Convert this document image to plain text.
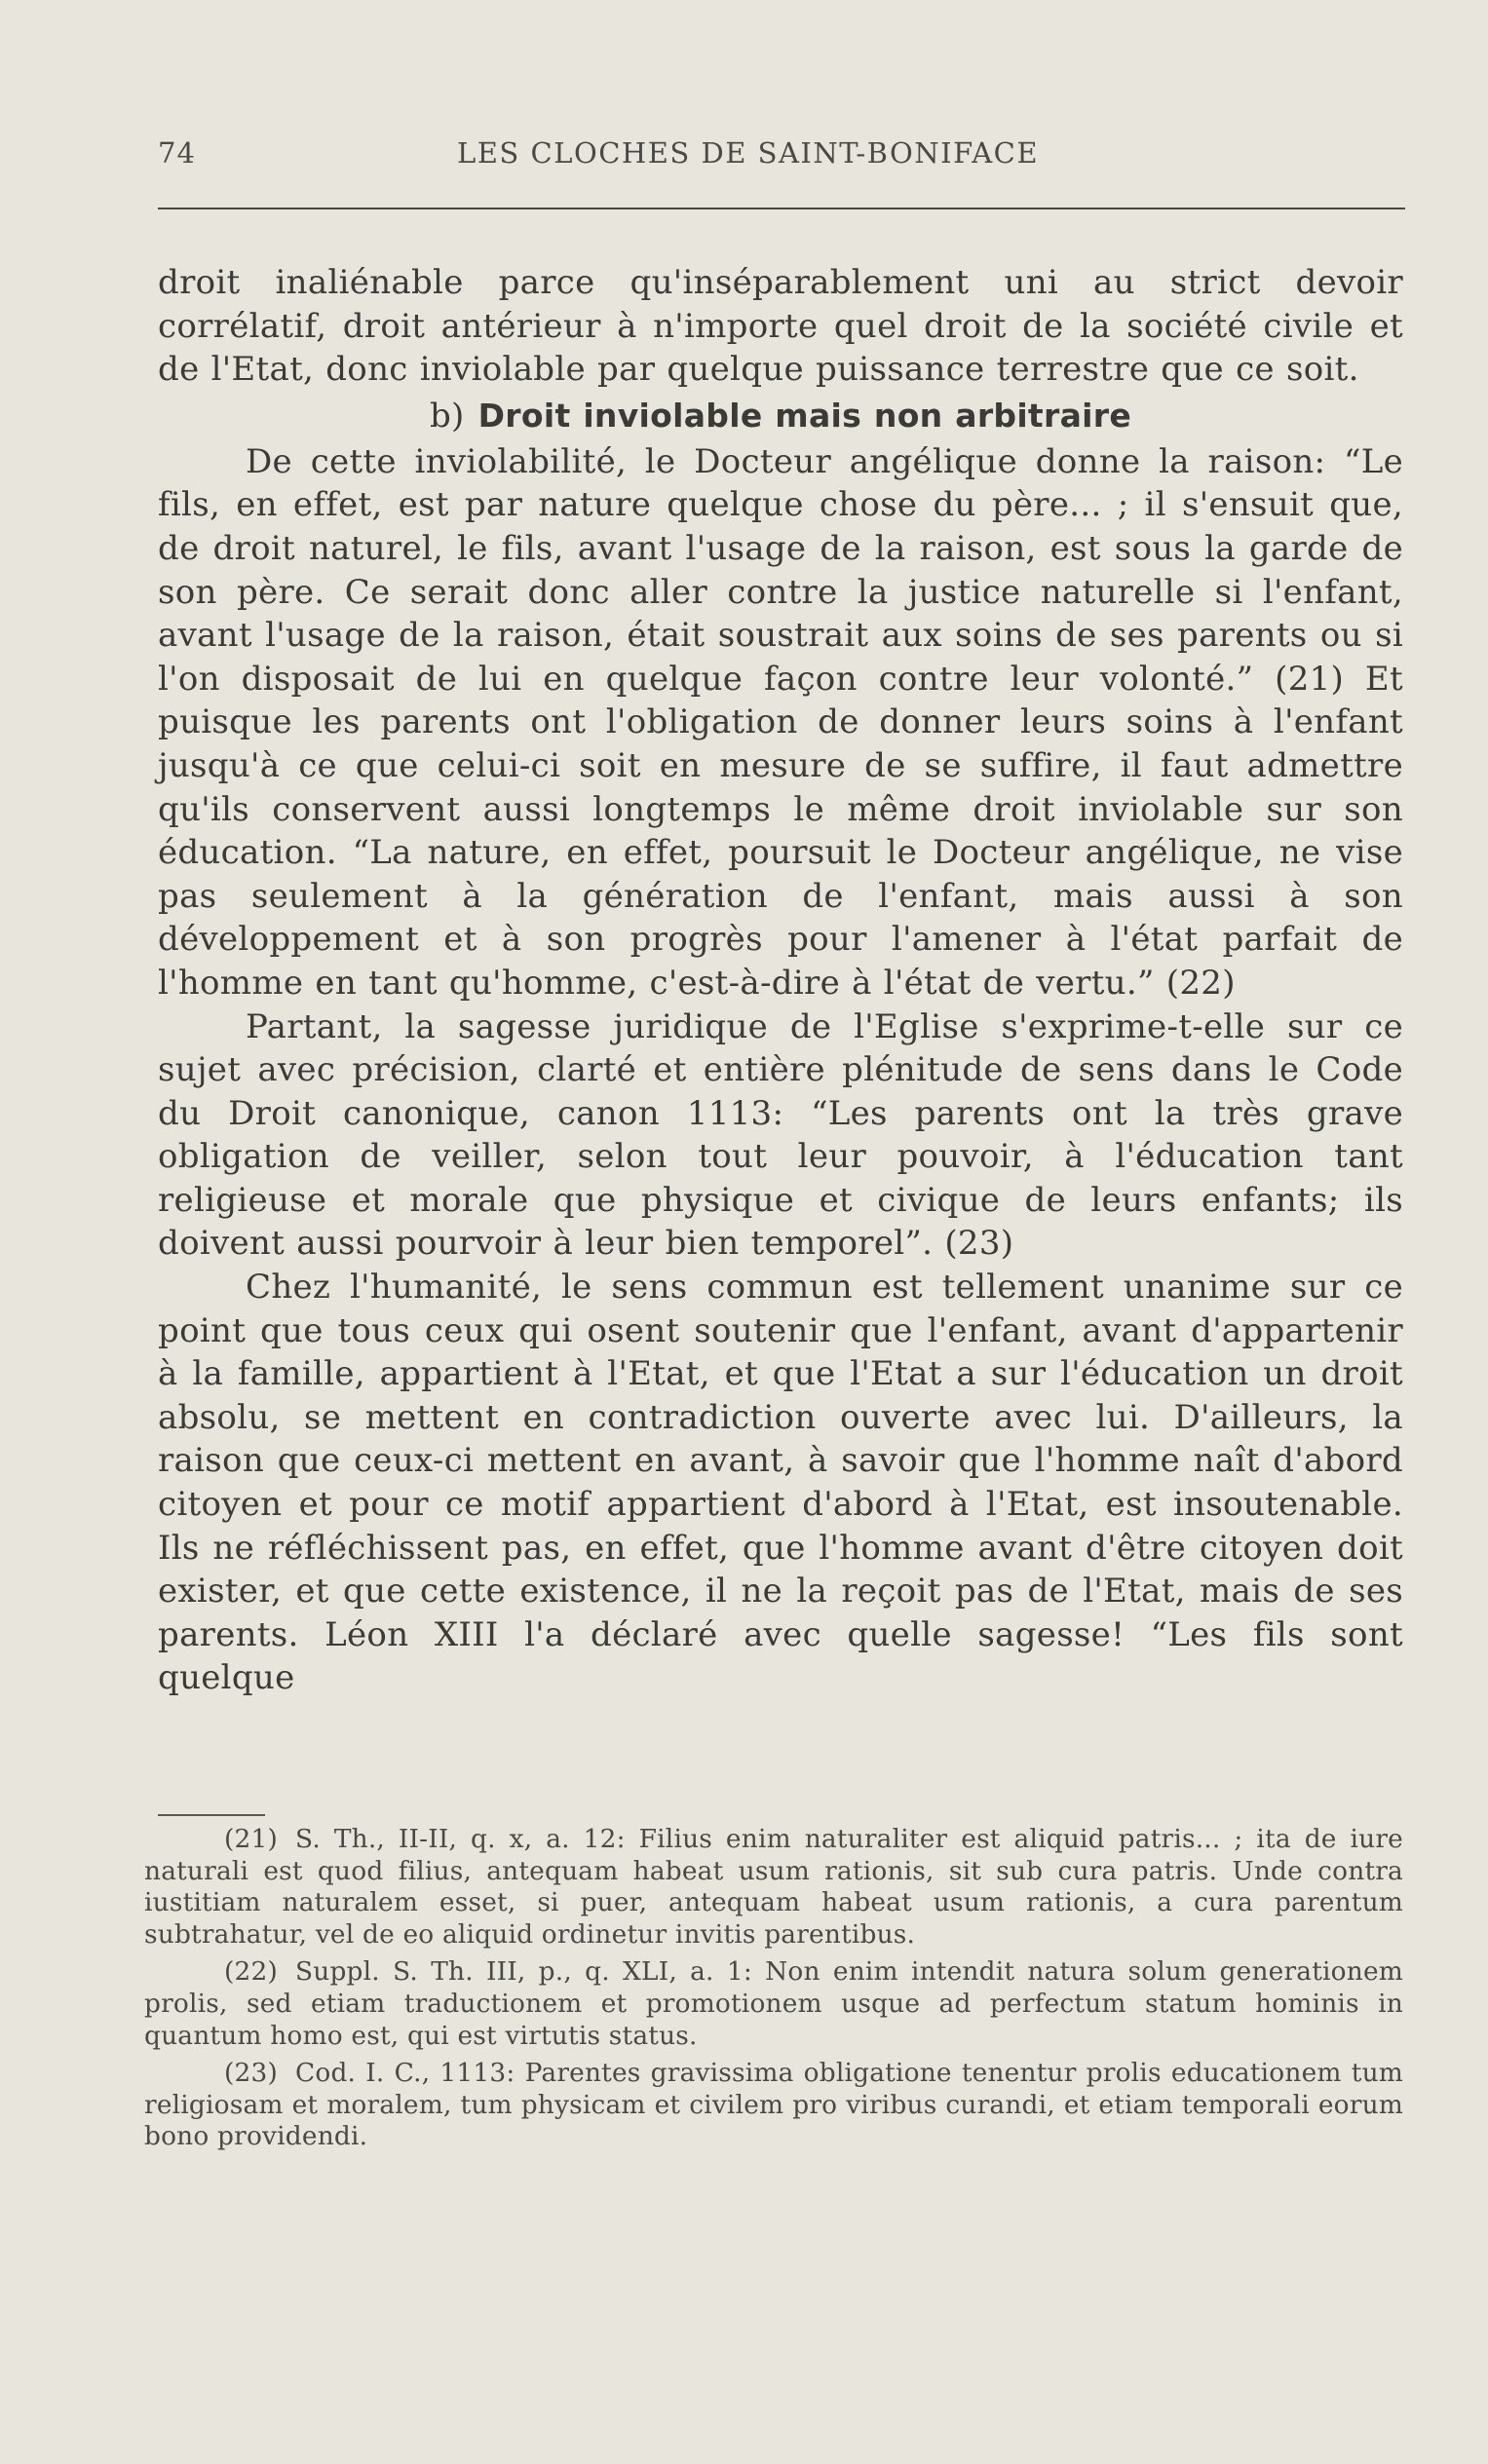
74	LES CLOCHES DE SAINT-BONIFACE

droit inaliénable parce qu'inséparablement uni au strict devoir corrélatif, droit antérieur à n'importe quel droit de la société civile et de l'Etat, donc inviolable par quelque puissance terrestre que ce soit.

b) Droit inviolable mais non arbitraire

De cette inviolabilité, le Docteur angélique donne la raison: “Le fils, en effet, est par nature quelque chose du père... ; il s'ensuit que, de droit naturel, le fils, avant l'usage de la raison, est sous la garde de son père. Ce serait donc aller contre la justice naturelle si l'enfant, avant l'usage de la raison, était soustrait aux soins de ses parents ou si l'on disposait de lui en quelque façon contre leur volonté.” (21) Et puisque les parents ont l'obligation de donner leurs soins à l'enfant jusqu'à ce que celui-ci soit en mesure de se suffire, il faut admettre qu'ils conservent aussi longtemps le même droit inviolable sur son éducation. “La nature, en effet, poursuit le Docteur angélique, ne vise pas seulement à la génération de l'enfant, mais aussi à son développement et à son progrès pour l'amener à l'état parfait de l'homme en tant qu'homme, c'est-à-dire à l'état de vertu.” (22)

Partant, la sagesse juridique de l'Eglise s'exprime-t-elle sur ce sujet avec précision, clarté et entière plénitude de sens dans le Code du Droit canonique, canon 1113: “Les parents ont la très grave obligation de veiller, selon tout leur pouvoir, à l'éducation tant religieuse et morale que physique et civique de leurs enfants; ils doivent aussi pourvoir à leur bien temporel”. (23)

Chez l'humanité, le sens commun est tellement unanime sur ce point que tous ceux qui osent soutenir que l'enfant, avant d'appartenir à la famille, appartient à l'Etat, et que l'Etat a sur l'éducation un droit absolu, se mettent en contradiction ouverte avec lui. D'ailleurs, la raison que ceux-ci mettent en avant, à savoir que l'homme naît d'abord citoyen et pour ce motif appartient d'abord à l'Etat, est insoutenable. Ils ne réfléchissent pas, en effet, que l'homme avant d'être citoyen doit exister, et que cette existence, il ne la reçoit pas de l'Etat, mais de ses parents. Léon XIII l'a déclaré avec quelle sagesse! “Les fils sont quelque

(21) S. Th., II-II, q. x, a. 12: Filius enim naturaliter est aliquid patris... ; ita de iure naturali est quod filius, antequam habeat usum rationis, sit sub cura patris. Unde contra iustitiam naturalem esset, si puer, antequam habeat usum rationis, a cura parentum subtrahatur, vel de eo aliquid ordinetur invitis parentibus.

(22) Suppl. S. Th. III, p., q. XLI, a. 1: Non enim intendit natura solum generationem prolis, sed etiam traductionem et promotionem usque ad perfectum statum hominis in quantum homo est, qui est virtutis status.

(23) Cod. I. C., 1113: Parentes gravissima obligatione tenentur prolis educationem tum religiosam et moralem, tum physicam et civilem pro viribus curandi, et etiam temporali eorum bono providendi.
